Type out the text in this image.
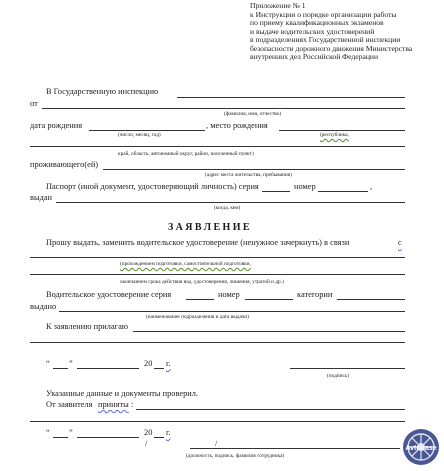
Приложение № 1
к Инструкции о порядке организации работы
по приему квалификационных экзаменов
и выдаче водительских удостоверений
в подразделениях Государственной инспекции
безопасности дорожного движения Министерства
внутренних дел Российской Федерации
В Государственную инспекцию
от
(фамилия, имя, отчество)
дата рождения	, место рождения
(число, месяц, год)	(республика,
край, область, автономный округ, район, населенный пункт)
проживающего(ей)
(адрес места жительства, пребывания)
Паспорт (иной документ, удостоверяющий личность) серия	номер	,
выдан
(когда, кем)
ЗАЯВЛЕНИЕ
Прошу выдать, заменить водительское удостоверение (ненужное зачеркнуть) в связи	с
(прохождением подготовки, самостоятельной подготовки,
окончанием срока действия вод. удостоверения, лишения, утратой и др.)
Водительское удостоверение серия	номер	категории
выдано
(наименование подразделения и дата выдачи)
К заявлению прилагаю
“ ”	20 г.
(подпись)
Указанные данные и документы проверил.
От заявителя приняты :
“ ”	20 г.
/	/
(должность, подпись, фамилия сотрудника)
Avtobase
